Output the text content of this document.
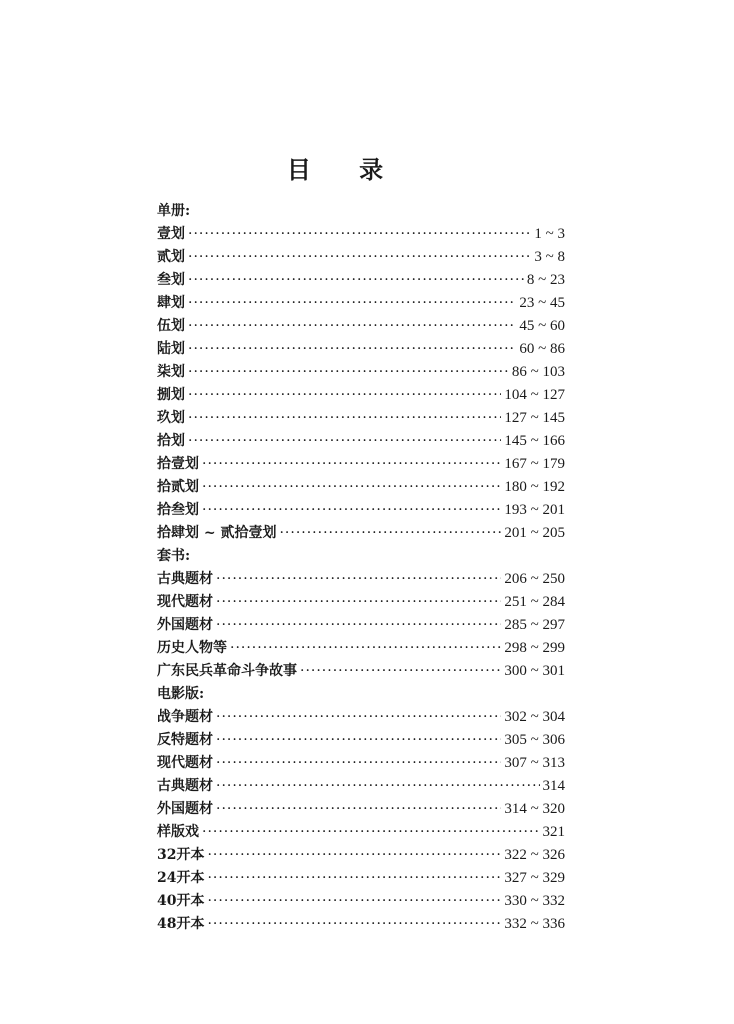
目 录
单册:
壹划 ·····	1 ~ 3
贰划 ·····	3 ~ 8
叁划 ·····	8 ~ 23
肆划 ·····	23 ~ 45
伍划 ·····	45 ~ 60
陆划 ·····	60 ~ 86
柒划 ·····	86 ~ 103
捌划 ·····	104 ~ 127
玖划 ·····	127 ~ 145
拾划 ·····	145 ~ 166
拾壹划 ·····	167 ~ 179
拾贰划 ·····	180 ~ 192
拾叁划 ·····	193 ~ 201
拾肆划 ~ 贰拾壹划 ·····	201 ~ 205
套书:
古典题材 ·····	206 ~ 250
现代题材 ·····	251 ~ 284
外国题材 ·····	285 ~ 297
历史人物等 ·····	298 ~ 299
广东民兵革命斗争故事 ·····	300 ~ 301
电影版:
战争题材 ·····	302 ~ 304
反特题材 ·····	305 ~ 306
现代题材 ·····	307 ~ 313
古典题材 ·····	314
外国题材 ·····	314 ~ 320
样版戏 ·····	321
32开本 ·····	322 ~ 326
24开本 ·····	327 ~ 329
40开本 ·····	330 ~ 332
48开本 ·····	332 ~ 336
